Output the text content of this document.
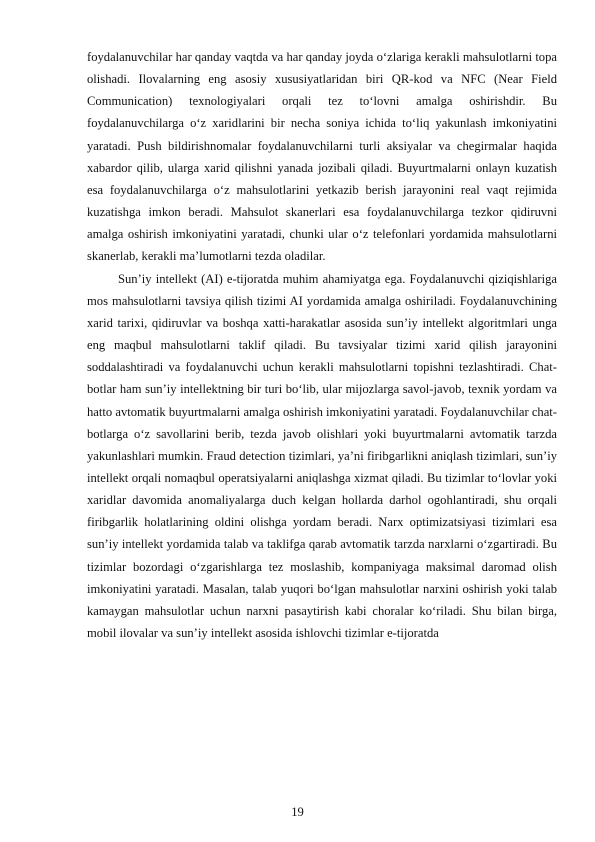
foydalanuvchilar har qanday vaqtda va har qanday joyda o‘zlariga kerakli mahsulotlarni topa olishadi. Ilovalarning eng asosiy xususiyatlaridan biri QR-kod va NFC (Near Field Communication) texnologiyalari orqali tez to‘lovni amalga oshirishdir. Bu foydalanuvchilarga o‘z xaridlarini bir necha soniya ichida to‘liq yakunlash imkoniyatini yaratadi. Push bildirishnomalar foydalanuvchilarni turli aksiyalar va chegirmalar haqida xabardor qilib, ularga xarid qilishni yanada jozibali qiladi. Buyurtmalarni onlayn kuzatish esa foydalanuvchilarga o‘z mahsulotlarini yetkazib berish jarayonini real vaqt rejimida kuzatishga imkon beradi. Mahsulot skanerlari esa foydalanuvchilarga tezkor qidiruvni amalga oshirish imkoniyatini yaratadi, chunki ular o‘z telefonlari yordamida mahsulotlarni skanerlab, kerakli ma’lumotlarni tezda oladilar.

Sun’iy intellekt (AI) e-tijoratda muhim ahamiyatga ega. Foydalanuvchi qiziqishlariga mos mahsulotlarni tavsiya qilish tizimi AI yordamida amalga oshiriladi. Foydalanuvchining xarid tarixi, qidiruvlar va boshqa xatti-harakatlar asosida sun’iy intellekt algoritmlari unga eng maqbul mahsulotlarni taklif qiladi. Bu tavsiyalar tizimi xarid qilish jarayonini soddalashtiradi va foydalanuvchi uchun kerakli mahsulotlarni topishni tezlashtiradi. Chat-botlar ham sun’iy intellektning bir turi bo‘lib, ular mijozlarga savol-javob, texnik yordam va hatto avtomatik buyurtmalarni amalga oshirish imkoniyatini yaratadi. Foydalanuvchilar chat-botlarga o‘z savollarini berib, tezda javob olishlari yoki buyurtmalarni avtomatik tarzda yakunlashlari mumkin. Fraud detection tizimlari, ya’ni firibgarlikni aniqlash tizimlari, sun’iy intellekt orqali nomaqbul operatsiyalarni aniqlashga xizmat qiladi. Bu tizimlar to‘lovlar yoki xaridlar davomida anomaliyalarga duch kelgan hollarda darhol ogohlantiradi, shu orqali firibgarlik holatlarining oldini olishga yordam beradi. Narx optimizatsiyasi tizimlari esa sun’iy intellekt yordamida talab va taklifga qarab avtomatik tarzda narxlarni o‘zgartiradi. Bu tizimlar bozordagi o‘zgarishlarga tez moslashib, kompaniyaga maksimal daromad olish imkoniyatini yaratadi. Masalan, talab yuqori bo‘lgan mahsulotlar narxini oshirish yoki talab kamaygan mahsulotlar uchun narxni pasaytirish kabi choralar ko‘riladi. Shu bilan birga, mobil ilovalar va sun’iy intellekt asosida ishlovchi tizimlar e-tijoratda

19
